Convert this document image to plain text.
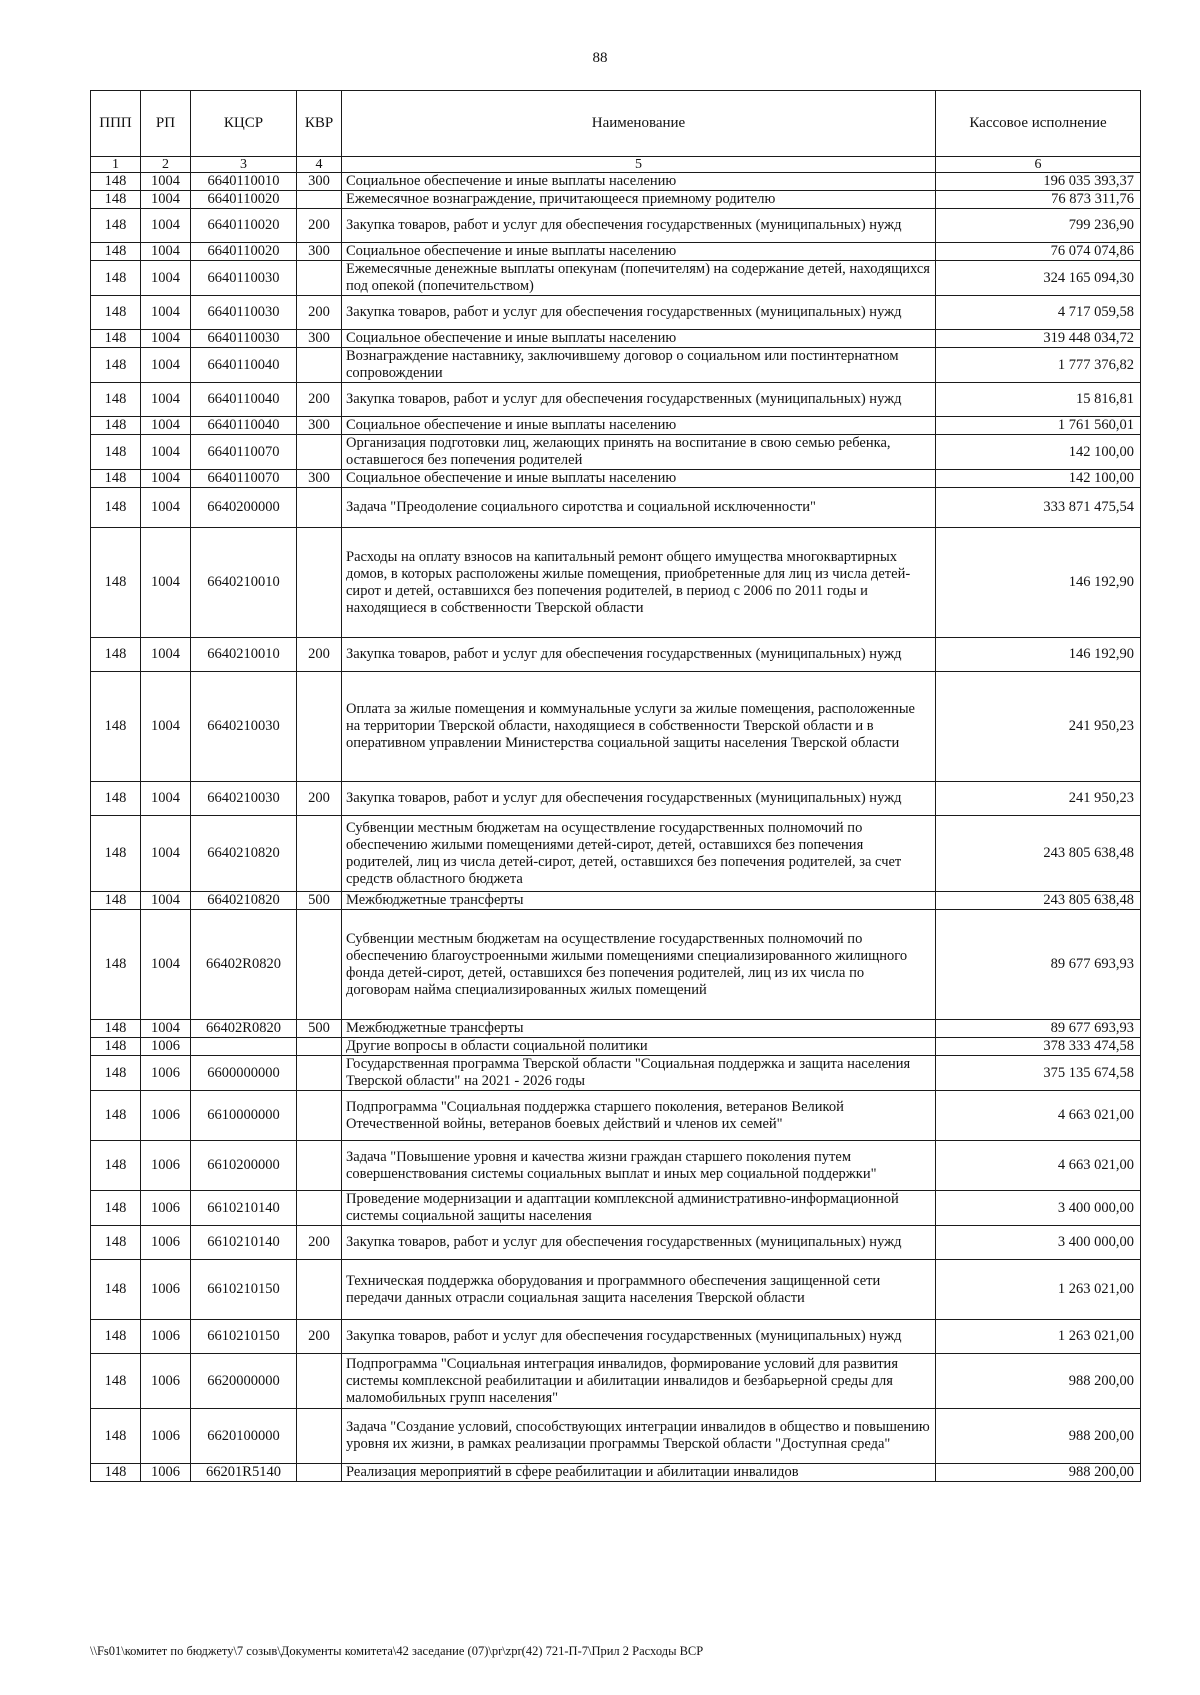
88
ППП	РП	КЦСР	КВР	Наименование	Кассовое исполнение
1	2	3	4	5	6
148	1004	6640110010	300	Социальное обеспечение и иные выплаты населению	196 035 393,37
148	1004	6640110020		Ежемесячное вознаграждение, причитающееся приемному родителю	76 873 311,76
148	1004	6640110020	200	Закупка товаров, работ и услуг для обеспечения государственных (муниципальных) нужд	799 236,90
148	1004	6640110020	300	Социальное обеспечение и иные выплаты населению	76 074 074,86
148	1004	6640110030		Ежемесячные денежные выплаты опекунам (попечителям) на содержание детей, находящихся под опекой (попечительством)	324 165 094,30
148	1004	6640110030	200	Закупка товаров, работ и услуг для обеспечения государственных (муниципальных) нужд	4 717 059,58
148	1004	6640110030	300	Социальное обеспечение и иные выплаты населению	319 448 034,72
148	1004	6640110040		Вознаграждение наставнику, заключившему договор о социальном или постинтернатном сопровождении	1 777 376,82
148	1004	6640110040	200	Закупка товаров, работ и услуг для обеспечения государственных (муниципальных) нужд	15 816,81
148	1004	6640110040	300	Социальное обеспечение и иные выплаты населению	1 761 560,01
148	1004	6640110070		Организация подготовки лиц, желающих принять на воспитание в свою семью ребенка, оставшегося без попечения родителей	142 100,00
148	1004	6640110070	300	Социальное обеспечение и иные выплаты населению	142 100,00
148	1004	6640200000		Задача "Преодоление социального сиротства и социальной исключенности"	333 871 475,54
148	1004	6640210010		Расходы на оплату взносов на капитальный ремонт общего имущества многоквартирных домов, в которых расположены жилые помещения, приобретенные для лиц из числа детей-сирот и детей, оставшихся без попечения родителей, в период с 2006 по 2011 годы и находящиеся в собственности Тверской области	146 192,90
148	1004	6640210010	200	Закупка товаров, работ и услуг для обеспечения государственных (муниципальных) нужд	146 192,90
148	1004	6640210030		Оплата за жилые помещения и коммунальные услуги за жилые помещения, расположенные на территории Тверской области, находящиеся в собственности Тверской области и в оперативном управлении Министерства социальной защиты населения Тверской области	241 950,23
148	1004	6640210030	200	Закупка товаров, работ и услуг для обеспечения государственных (муниципальных) нужд	241 950,23
148	1004	6640210820		Субвенции местным бюджетам на осуществление государственных полномочий по обеспечению жилыми помещениями детей-сирот, детей, оставшихся без попечения родителей, лиц из числа детей-сирот, детей, оставшихся без попечения родителей, за счет средств областного бюджета	243 805 638,48
148	1004	6640210820	500	Межбюджетные трансферты	243 805 638,48
148	1004	66402R0820		Субвенции местным бюджетам на осуществление государственных полномочий по обеспечению благоустроенными жилыми помещениями специализированного жилищного фонда детей-сирот, детей, оставшихся без попечения родителей, лиц из их числа по договорам найма специализированных жилых помещений	89 677 693,93
148	1004	66402R0820	500	Межбюджетные трансферты	89 677 693,93
148	1006			Другие вопросы в области социальной политики	378 333 474,58
148	1006	6600000000		Государственная программа Тверской области "Социальная поддержка и защита населения Тверской области" на 2021 - 2026 годы	375 135 674,58
148	1006	6610000000		Подпрограмма "Социальная поддержка старшего поколения, ветеранов Великой Отечественной войны, ветеранов боевых действий и членов их семей"	4 663 021,00
148	1006	6610200000		Задача "Повышение уровня и качества жизни граждан старшего поколения путем совершенствования системы социальных выплат и иных мер социальной поддержки"	4 663 021,00
148	1006	6610210140		Проведение модернизации и адаптации комплексной административно-информационной системы социальной защиты населения	3 400 000,00
148	1006	6610210140	200	Закупка товаров, работ и услуг для обеспечения государственных (муниципальных) нужд	3 400 000,00
148	1006	6610210150		Техническая поддержка оборудования и программного обеспечения защищенной сети передачи данных отрасли социальная защита населения Тверской области	1 263 021,00
148	1006	6610210150	200	Закупка товаров, работ и услуг для обеспечения государственных (муниципальных) нужд	1 263 021,00
148	1006	6620000000		Подпрограмма "Социальная интеграция инвалидов, формирование условий для развития системы комплексной реабилитации и абилитации инвалидов и безбарьерной среды для маломобильных групп населения"	988 200,00
148	1006	6620100000		Задача "Создание условий, способствующих интеграции инвалидов в общество и повышению уровня их жизни, в рамках реализации программы Тверской области "Доступная среда"	988 200,00
148	1006	66201R5140		Реализация мероприятий в сфере реабилитации и абилитации инвалидов	988 200,00
\\Fs01\комитет по бюджету\7 созыв\Документы комитета\42 заседание (07)\pr\zpr(42) 721-П-7\Прил 2 Расходы ВСР
